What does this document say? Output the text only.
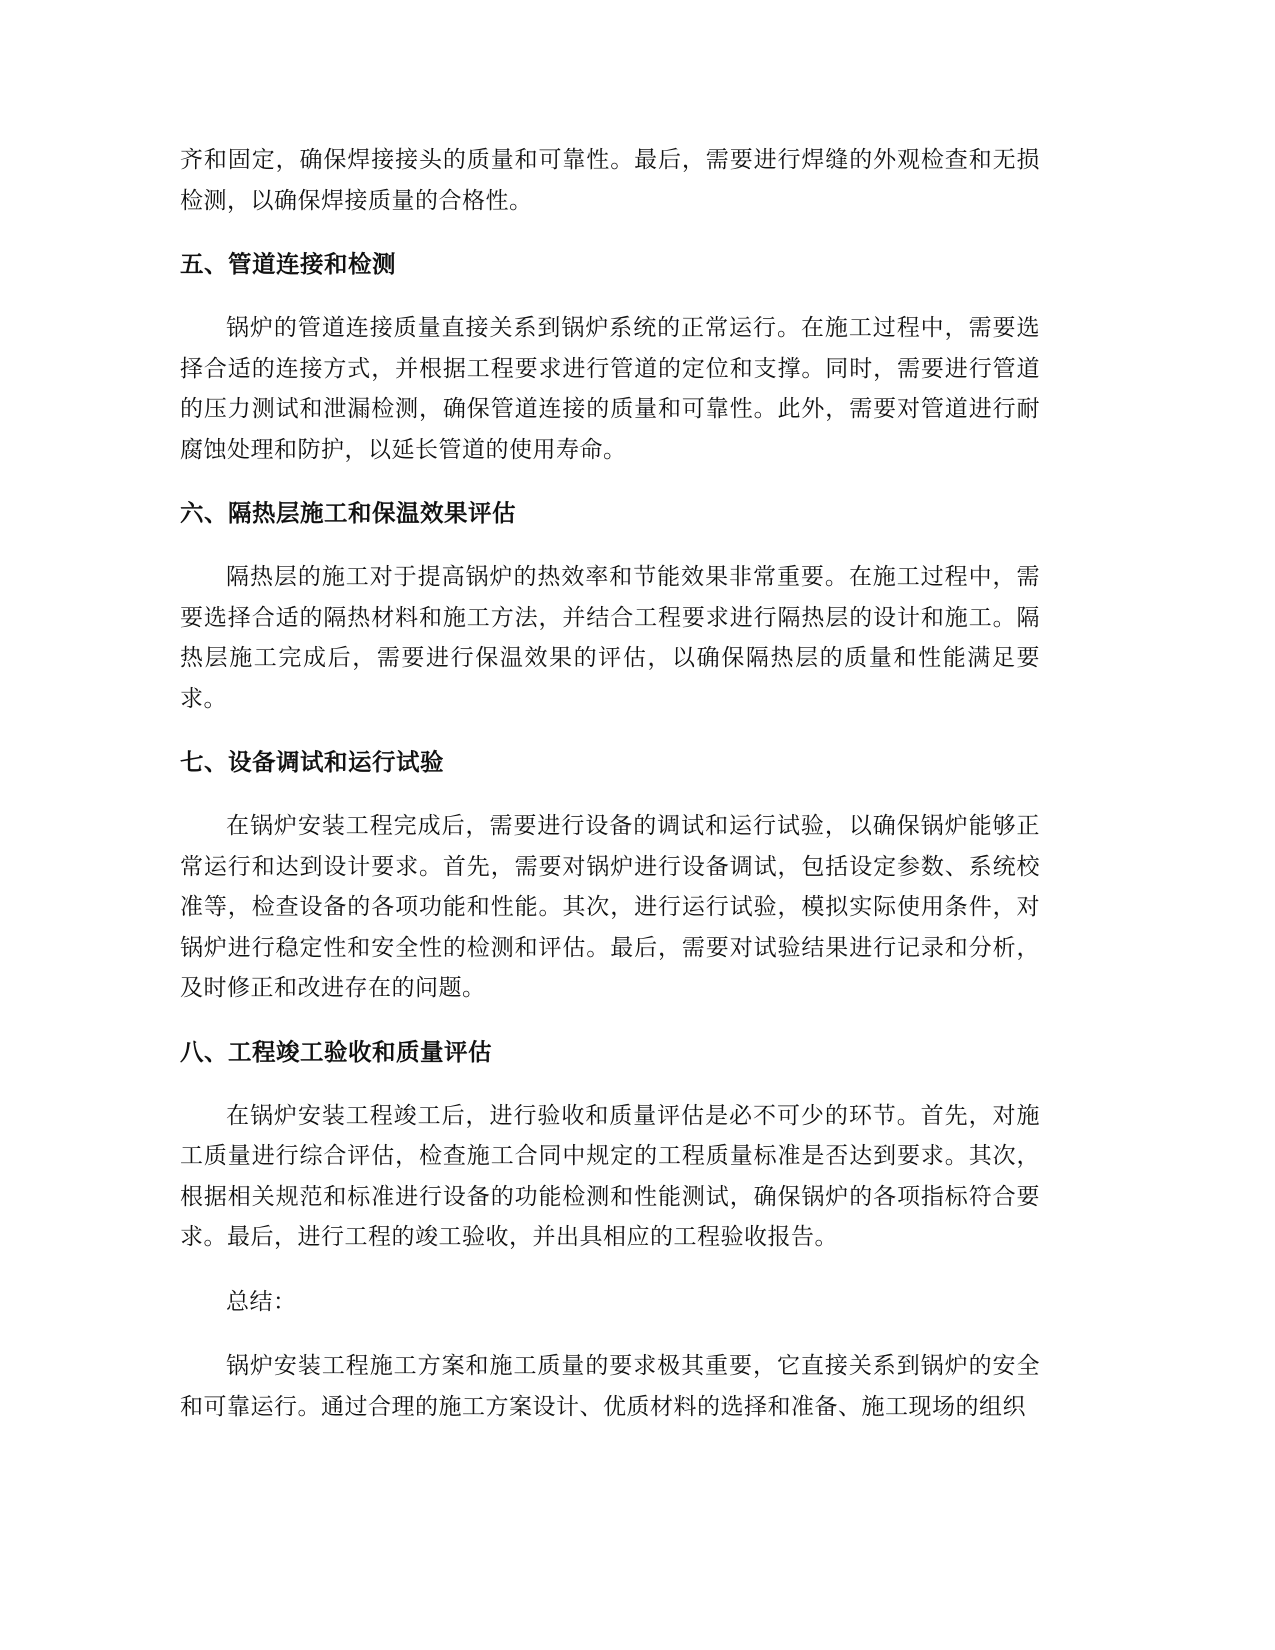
齐和固定，确保焊接接头的质量和可靠性。最后，需要进行焊缝的外观检查和无损检测，以确保焊接质量的合格性。

五、管道连接和检测

锅炉的管道连接质量直接关系到锅炉系统的正常运行。在施工过程中，需要选择合适的连接方式，并根据工程要求进行管道的定位和支撑。同时，需要进行管道的压力测试和泄漏检测，确保管道连接的质量和可靠性。此外，需要对管道进行耐腐蚀处理和防护，以延长管道的使用寿命。

六、隔热层施工和保温效果评估

隔热层的施工对于提高锅炉的热效率和节能效果非常重要。在施工过程中，需要选择合适的隔热材料和施工方法，并结合工程要求进行隔热层的设计和施工。隔热层施工完成后，需要进行保温效果的评估，以确保隔热层的质量和性能满足要求。

七、设备调试和运行试验

在锅炉安装工程完成后，需要进行设备的调试和运行试验，以确保锅炉能够正常运行和达到设计要求。首先，需要对锅炉进行设备调试，包括设定参数、系统校准等，检查设备的各项功能和性能。其次，进行运行试验，模拟实际使用条件，对锅炉进行稳定性和安全性的检测和评估。最后，需要对试验结果进行记录和分析，及时修正和改进存在的问题。

八、工程竣工验收和质量评估

在锅炉安装工程竣工后，进行验收和质量评估是必不可少的环节。首先，对施工质量进行综合评估，检查施工合同中规定的工程质量标准是否达到要求。其次，根据相关规范和标准进行设备的功能检测和性能测试，确保锅炉的各项指标符合要求。最后，进行工程的竣工验收，并出具相应的工程验收报告。

总结：

锅炉安装工程施工方案和施工质量的要求极其重要，它直接关系到锅炉的安全和可靠运行。通过合理的施工方案设计、优质材料的选择和准备、施工现场的组织
